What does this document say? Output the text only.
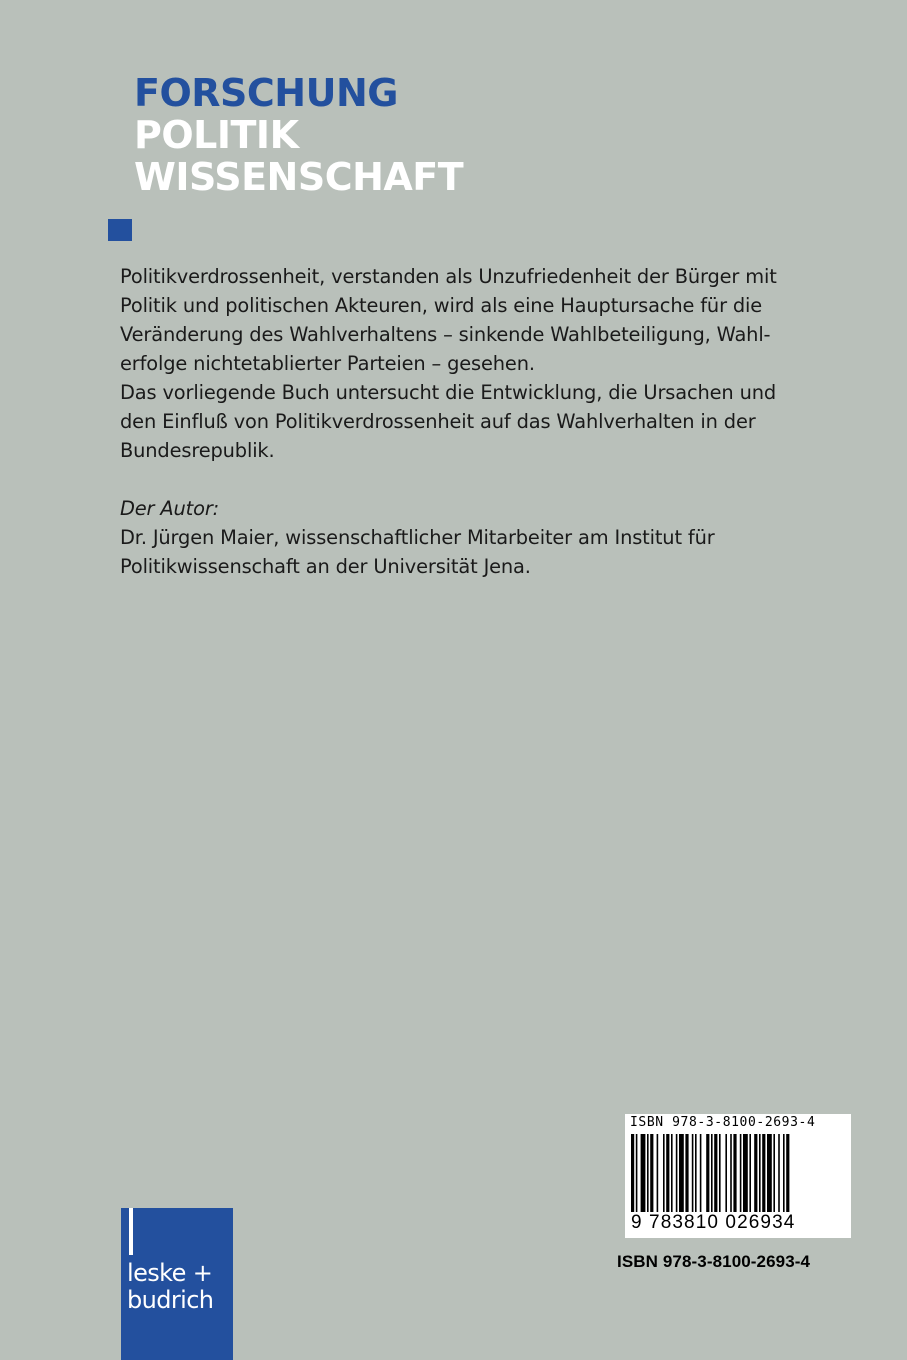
FORSCHUNG
POLITIK
WISSENSCHAFT

Politikverdrossenheit, verstanden als Unzufriedenheit der Bürger mit

Politik und politischen Akteuren, wird als eine Hauptursache für die

Veränderung des Wahlverhaltens – sinkende Wahlbeteiligung, Wahl-

erfolge nichtetablierter Parteien – gesehen.

Das vorliegende Buch untersucht die Entwicklung, die Ursachen und

den Einfluß von Politikverdrossenheit auf das Wahlverhalten in der

Bundesrepublik.

Der Autor:

Dr. Jürgen Maier, wissenschaftlicher Mitarbeiter am Institut für

Politikwissenschaft an der Universität Jena.

ISBN 978-3-8100-2693-4
9 783810 026934
ISBN 978-3-8100-2693-4
leske +
budrich
